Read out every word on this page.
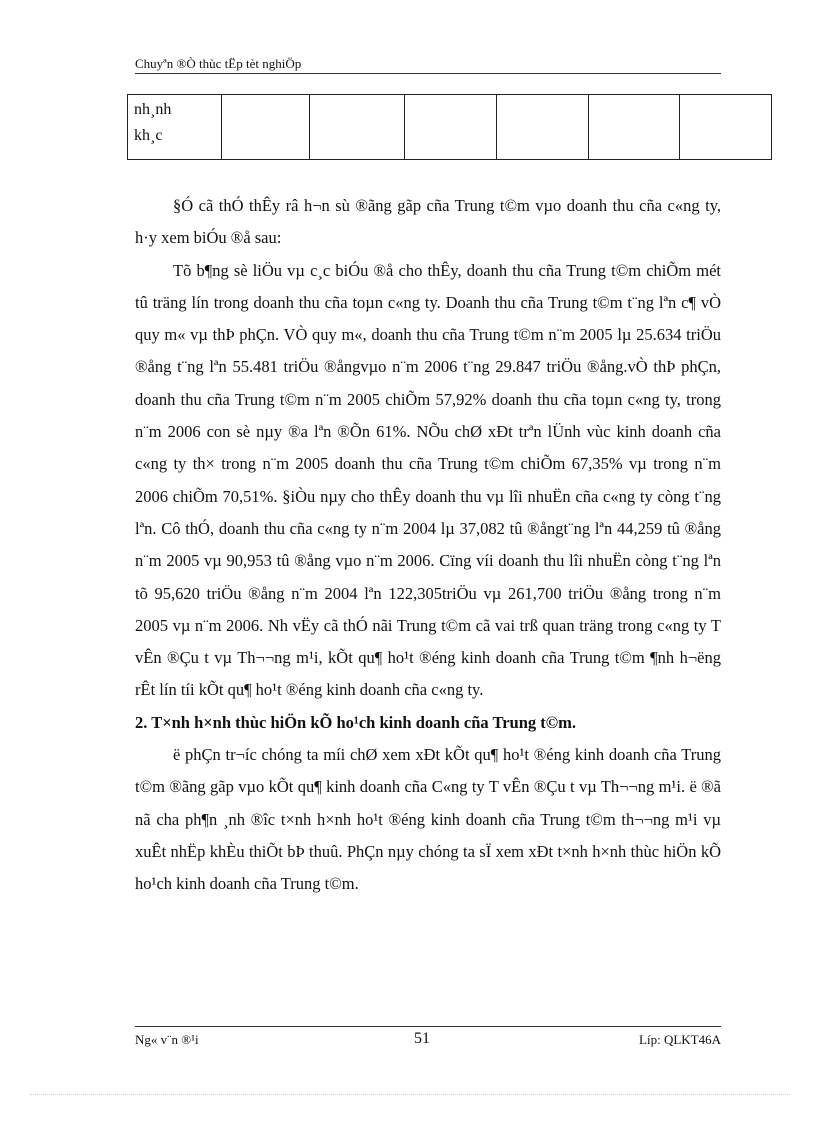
Chuyªn ®Ò thùc tËp tèt nghiÖp
nh¸nh
kh¸c

§Ó cã thÓ thÊy râ h¬n sù ®ãng gãp cña Trung t©m vµo doanh thu cña c«ng ty, h·y xem biÓu ®å sau:

Tõ b¶ng sè liÖu vµ c¸c biÓu ®å cho thÊy, doanh thu cña Trung t©m chiÕm mét tû träng lín trong doanh thu cña toµn c«ng ty. Doanh thu cña Trung t©m t¨ng lªn c¶ vÒ quy m« vµ thÞ phÇn. VÒ quy m«, doanh thu cña Trung t©m n¨m 2005 lµ 25.634 triÖu ®ång t¨ng lªn 55.481 triÖu ®ångvµo n¨m 2006 t¨ng 29.847 triÖu ®ång.vÒ thÞ phÇn, doanh thu cña Trung t©m n¨m 2005 chiÕm 57,92% doanh thu cña toµn c«ng ty, trong n¨m 2006 con sè nµy ®a lªn ®Õn 61%. NÕu chØ xÐt trªn lÜnh vùc kinh doanh cña c«ng ty th× trong n¨m 2005 doanh thu cña Trung t©m chiÕm 67,35% vµ trong n¨m 2006 chiÕm 70,51%. §iÒu nµy cho thÊy doanh thu vµ lîi nhuËn cña c«ng ty còng t¨ng lªn. Cô thÓ, doanh thu cña c«ng ty n¨m 2004 lµ 37,082 tû ®ångt¨ng lªn 44,259 tû ®ång n¨m 2005 vµ 90,953 tû ®ång vµo n¨m 2006. Cïng víi doanh thu lîi nhuËn còng t¨ng lªn tõ 95,620 triÖu ®ång n¨m 2004 lªn 122,305triÖu vµ 261,700 triÖu ®ång trong n¨m 2005 vµ n¨m 2006. Nh vËy cã thÓ nãi Trung t©m cã vai trß quan träng trong c«ng ty T vÊn ®Çu t vµ Th¬¬ng m¹i, kÕt qu¶ ho¹t ®éng kinh doanh cña Trung t©m ¶nh h¬ëng rÊt lín tíi kÕt qu¶ ho¹t ®éng kinh doanh cña c«ng ty.

2. T×nh h×nh thùc hiÖn kÕ ho¹ch kinh doanh cña Trung t©m.

ë phÇn tr¬íc chóng ta míi chØ xem xÐt kÕt qu¶ ho¹t ®éng kinh doanh cña Trung t©m ®ãng gãp vµo kÕt qu¶ kinh doanh cña C«ng ty T vÊn ®Çu t vµ Th¬¬ng m¹i. ë ®ã nã cha ph¶n ¸nh ®îc t×nh h×nh ho¹t ®éng kinh doanh cña Trung t©m th¬¬ng m¹i vµ xuÊt nhËp khÈu thiÕt bÞ thuû. PhÇn nµy chóng ta sÏ xem xÐt t×nh h×nh thùc hiÖn kÕ ho¹ch kinh doanh cña Trung t©m.

Ng« v¨n ®¹i	51	Líp: QLKT46A
